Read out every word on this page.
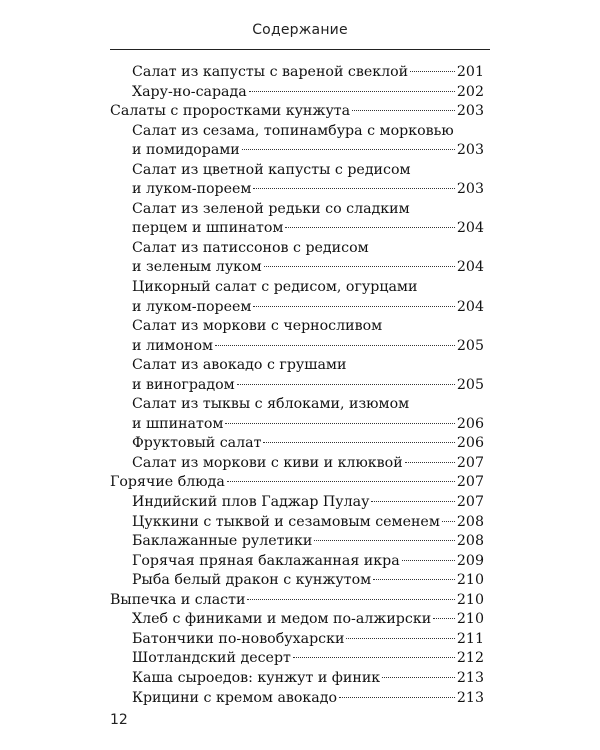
Содержание
Салат из капусты с вареной свеклой	201
Хару-но-сарада	202
Салаты с проростками кунжута	203
Салат из сезама, топинамбура с морковью
и помидорами	203
Салат из цветной капусты с редисом
и луком-пореем	203
Салат из зеленой редьки со сладким
перцем и шпинатом	204
Салат из патиссонов с редисом
и зеленым луком	204
Цикорный салат с редисом, огурцами
и луком-пореем	204
Салат из моркови с черносливом
и лимоном	205
Салат из авокадо с грушами
и виноградом	205
Салат из тыквы с яблоками, изюмом
и шпинатом	206
Фруктовый салат	206
Салат из моркови с киви и клюквой	207
Горячие блюда	207
Индийский плов Гаджар Пулау	207
Цуккини с тыквой и сезамовым семенем 208
Баклажанные рулетики	208
Горячая пряная баклажанная икра	209
Рыба белый дракон с кунжутом	210
Выпечка и сласти	210
Хлеб с финиками и медом по-алжирски 210
Батончики по-новобухарски	211
Шотландский десерт	212
Каша сыроедов: кунжут и финик	213
Крицини с кремом авокадо	213
12
